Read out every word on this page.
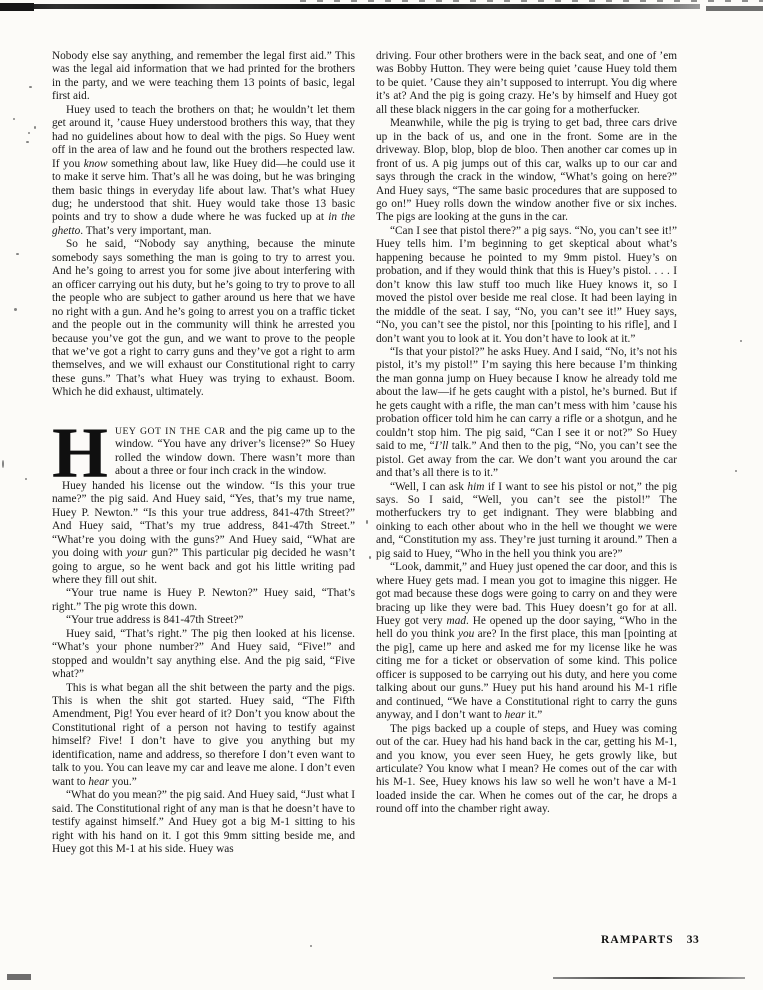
Nobody else say anything, and remember the legal first aid.” This was the legal aid information that we had printed for the brothers in the party, and we were teaching them 13 points of basic, legal first aid.

Huey used to teach the brothers on that; he wouldn’t let them get around it, ’cause Huey understood brothers this way, that they had no guidelines about how to deal with the pigs. So Huey went off in the area of law and he found out the brothers respected law. If you know something about law, like Huey did—he could use it to make it serve him. That’s all he was doing, but he was bringing them basic things in everyday life about law. That’s what Huey dug; he understood that shit. Huey would take those 13 basic points and try to show a dude where he was fucked up at in the ghetto. That’s very important, man.

So he said, “Nobody say anything, because the minute somebody says something the man is going to try to arrest you. And he’s going to arrest you for some jive about interfering with an officer carrying out his duty, but he’s going to try to prove to all the people who are subject to gather around us here that we have no right with a gun. And he’s going to arrest you on a traffic ticket and the people out in the community will think he arrested you because you’ve got the gun, and we want to prove to the people that we’ve got a right to carry guns and they’ve got a right to arm themselves, and we will exhaust our Constitutional right to carry these guns.” That’s what Huey was trying to exhaust. Boom. Which he did exhaust, ultimately.

HUEY GOT IN THE CAR and the pig came up to the window. “You have any driver’s license?” So Huey rolled the window down. There wasn’t more than about a three or four inch crack in the window.

Huey handed his license out the window. “Is this your true name?” the pig said. And Huey said, “Yes, that’s my true name, Huey P. Newton.” “Is this your true address, 841-47th Street?” And Huey said, “That’s my true address, 841-47th Street.” “What’re you doing with the guns?” And Huey said, “What are you doing with your gun?” This particular pig decided he wasn’t going to argue, so he went back and got his little writing pad where they fill out shit.

“Your true name is Huey P. Newton?” Huey said, “That’s right.” The pig wrote this down.

“Your true address is 841-47th Street?”

Huey said, “That’s right.” The pig then looked at his license. “What’s your phone number?” And Huey said, “Five!” and stopped and wouldn’t say anything else. And the pig said, “Five what?”

This is what began all the shit between the party and the pigs. This is when the shit got started. Huey said, “The Fifth Amendment, Pig! You ever heard of it? Don’t you know about the Constitutional right of a person not having to testify against himself? Five! I don’t have to give you anything but my identification, name and address, so therefore I don’t even want to talk to you. You can leave my car and leave me alone. I don’t even want to hear you.”

“What do you mean?” the pig said. And Huey said, “Just what I said. The Constitutional right of any man is that he doesn’t have to testify against himself.” And Huey got a big M-1 sitting to his right with his hand on it. I got this 9mm sitting beside me, and Huey got this M-1 at his side. Huey was

driving. Four other brothers were in the back seat, and one of ’em was Bobby Hutton. They were being quiet ’cause Huey told them to be quiet. ’Cause they ain’t supposed to interrupt. You dig where it’s at? And the pig is going crazy. He’s by himself and Huey got all these black niggers in the car going for a motherfucker.

Meanwhile, while the pig is trying to get bad, three cars drive up in the back of us, and one in the front. Some are in the driveway. Blop, blop, blop de bloo. Then another car comes up in front of us. A pig jumps out of this car, walks up to our car and says through the crack in the window, “What’s going on here?” And Huey says, “The same basic procedures that are supposed to go on!” Huey rolls down the window another five or six inches. The pigs are looking at the guns in the car.

“Can I see that pistol there?” a pig says. “No, you can’t see it!” Huey tells him. I’m beginning to get skeptical about what’s happening because he pointed to my 9mm pistol. Huey’s on probation, and if they would think that this is Huey’s pistol. . . . I don’t know this law stuff too much like Huey knows it, so I moved the pistol over beside me real close. It had been laying in the middle of the seat. I say, “No, you can’t see it!” Huey says, “No, you can’t see the pistol, nor this [pointing to his rifle], and I don’t want you to look at it. You don’t have to look at it.”

“Is that your pistol?” he asks Huey. And I said, “No, it’s not his pistol, it’s my pistol!” I’m saying this here because I’m thinking the man gonna jump on Huey because I know he already told me about the law—if he gets caught with a pistol, he’s burned. But if he gets caught with a rifle, the man can’t mess with him ’cause his probation officer told him he can carry a rifle or a shotgun, and he couldn’t stop him. The pig said, “Can I see it or not?” So Huey said to me, “I’ll talk.” And then to the pig, “No, you can’t see the pistol. Get away from the car. We don’t want you around the car and that’s all there is to it.”

“Well, I can ask him if I want to see his pistol or not,” the pig says. So I said, “Well, you can’t see the pistol!” The motherfuckers try to get indignant. They were blabbing and oinking to each other about who in the hell we thought we were and, “Constitution my ass. They’re just turning it around.” Then a pig said to Huey, “Who in the hell you think you are?”

“Look, dammit,” and Huey just opened the car door, and this is where Huey gets mad. I mean you got to imagine this nigger. He got mad because these dogs were going to carry on and they were bracing up like they were bad. This Huey doesn’t go for at all. Huey got very mad. He opened up the door saying, “Who in the hell do you think you are? In the first place, this man [pointing at the pig], came up here and asked me for my license like he was citing me for a ticket or observation of some kind. This police officer is supposed to be carrying out his duty, and here you come talking about our guns.” Huey put his hand around his M-1 rifle and continued, “We have a Constitutional right to carry the guns anyway, and I don’t want to hear it.”

The pigs backed up a couple of steps, and Huey was coming out of the car. Huey had his hand back in the car, getting his M-1, and you know, you ever seen Huey, he gets growly like, but articulate? You know what I mean? He comes out of the car with his M-1. See, Huey knows his law so well he won’t have a M-1 loaded inside the car. When he comes out of the car, he drops a round off into the chamber right away.

RAMPARTS 33
